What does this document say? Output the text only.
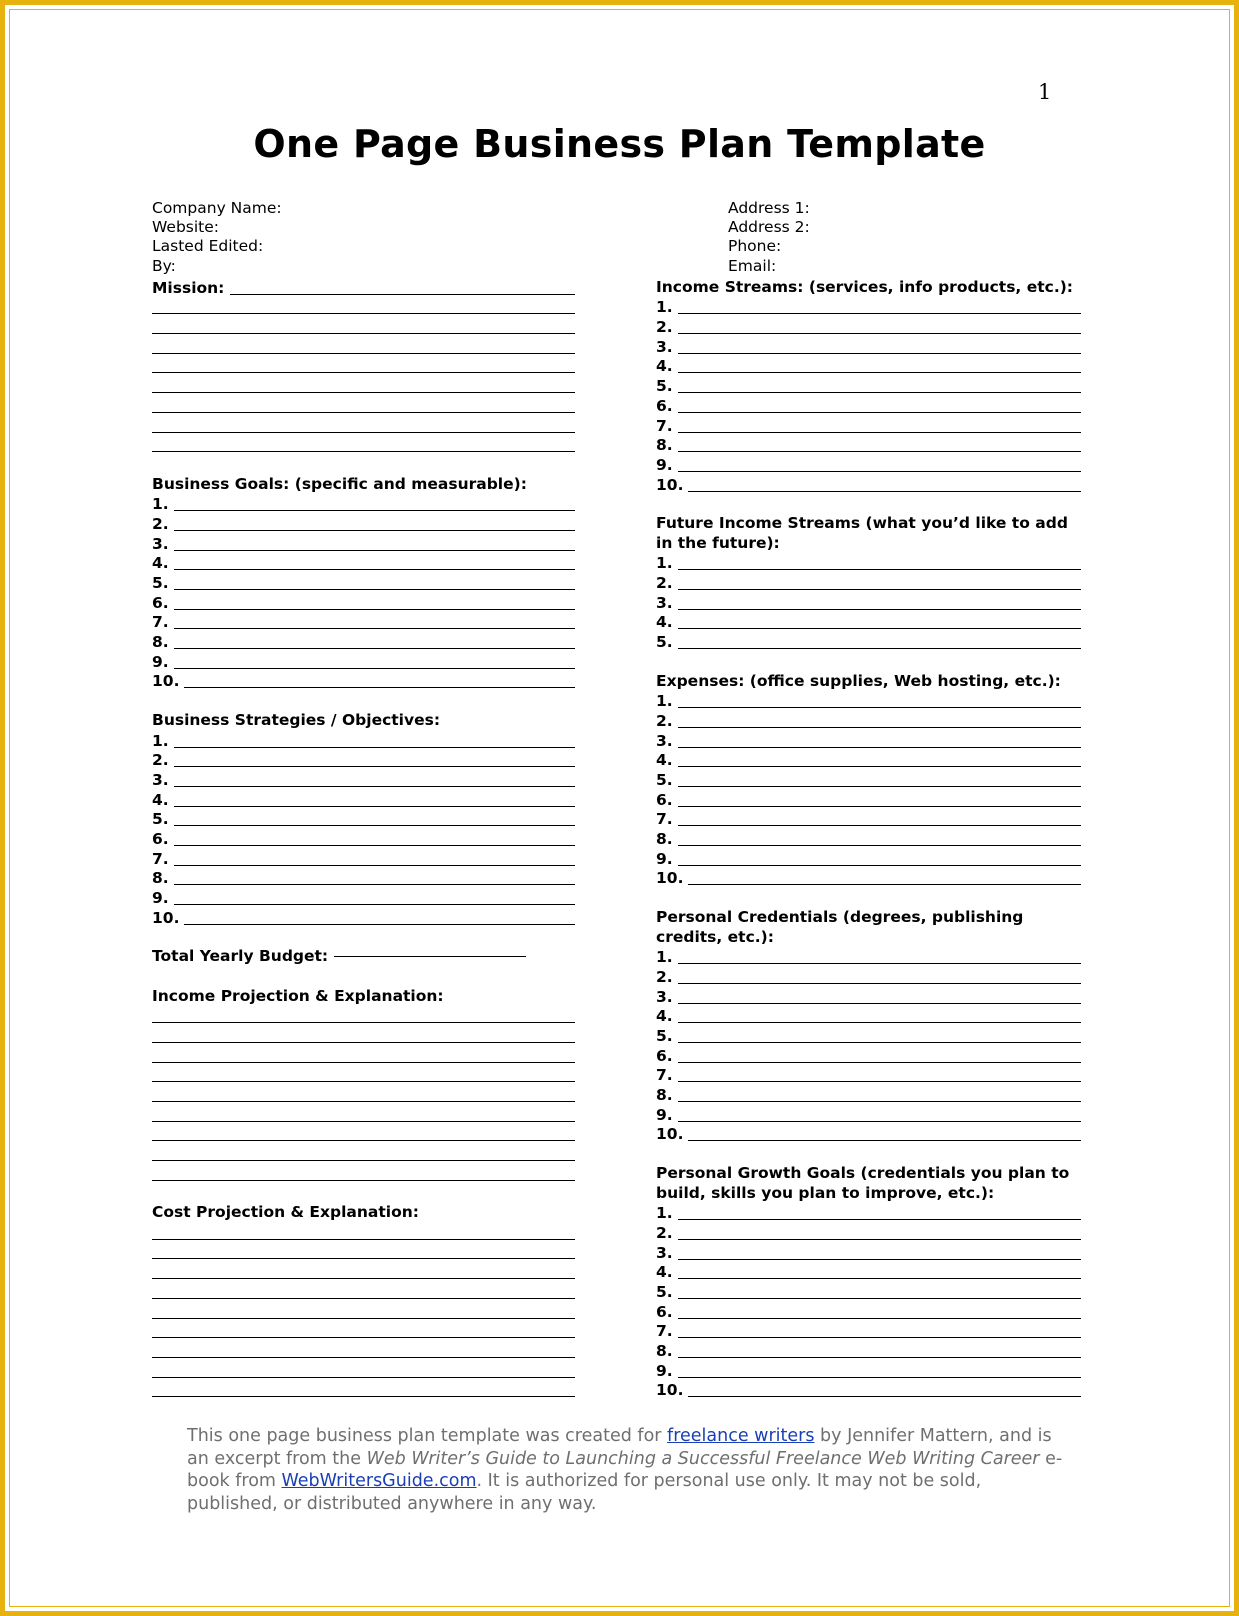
1
One Page Business Plan Template
Company Name:
Website:
Lasted Edited:
By:
Address 1:
Address 2:
Phone:
Email:
Mission:
Business Goals: (specific and measurable):
1.
2.
3.
4.
5.
6.
7.
8.
9.
10.
Business Strategies / Objectives:
1.
2.
3.
4.
5.
6.
7.
8.
9.
10.
Total Yearly Budget:
Income Projection & Explanation:
Cost Projection & Explanation:
Income Streams: (services, info products, etc.):
1.
2.
3.
4.
5.
6.
7.
8.
9.
10.
Future Income Streams (what you’d like to add in the future):
1.
2.
3.
4.
5.
Expenses: (office supplies, Web hosting, etc.):
1.
2.
3.
4.
5.
6.
7.
8.
9.
10.
Personal Credentials (degrees, publishing credits, etc.):
1.
2.
3.
4.
5.
6.
7.
8.
9.
10.
Personal Growth Goals (credentials you plan to build, skills you plan to improve, etc.):
1.
2.
3.
4.
5.
6.
7.
8.
9.
10.
This one page business plan template was created for freelance writers by Jennifer Mattern, and is an excerpt from the Web Writer’s Guide to Launching a Successful Freelance Web Writing Career e-book from WebWritersGuide.com. It is authorized for personal use only. It may not be sold, published, or distributed anywhere in any way.
